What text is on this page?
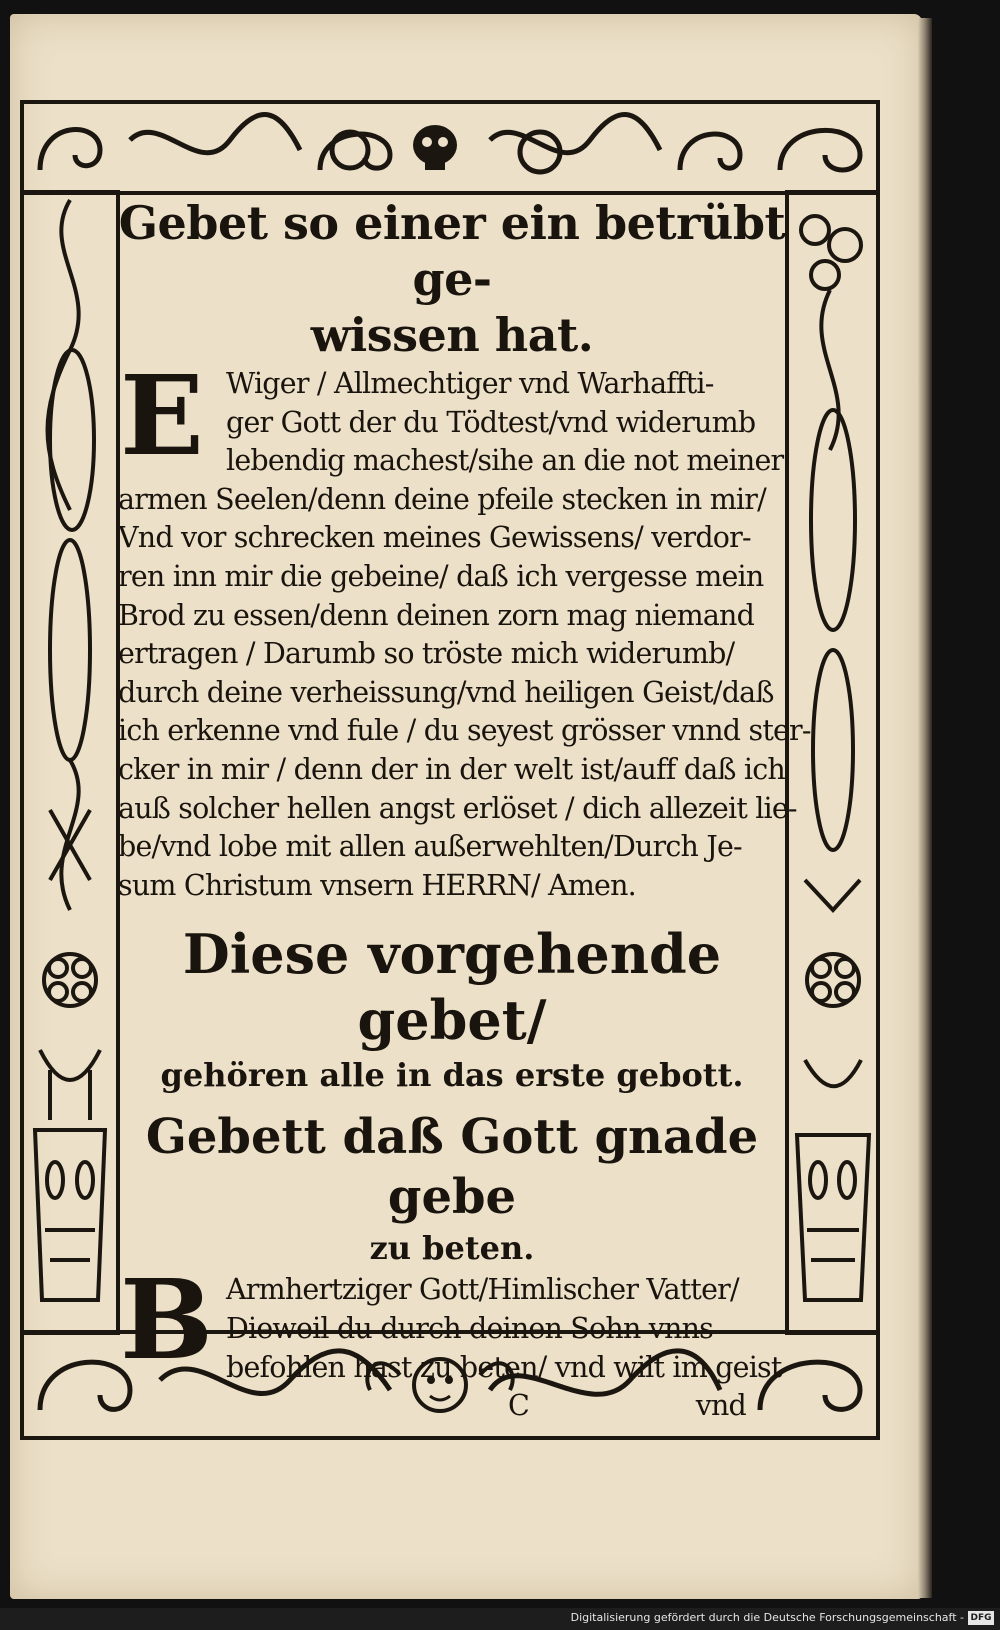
Gebet so einer ein betrübt ge-
wissen hat.
E Wiger / Allmechtiger vnd Warhaffti-
ger Gott der du Tödtest/vnd widerumb
lebendig machest/sihe an die not meiner
armen Seelen/denn deine pfeile stecken in mir/
Vnd vor schrecken meines Gewissens/ verdor-
ren inn mir die gebeine/ daß ich vergesse mein
Brod zu essen/denn deinen zorn mag niemand
ertragen / Darumb so tröste mich widerumb/
durch deine verheissung/vnd heiligen Geist/daß
ich erkenne vnd fule / du seyest grösser vnnd ster-
cker in mir / denn der in der welt ist/auff daß ich
auß solcher hellen angst erlöset / dich allezeit lie-
be/vnd lobe mit allen außerwehlten/Durch Je-
sum Christum vnsern HERRN/ Amen.
Diese vorgehende gebet/
gehören alle in das erste gebott.
Gebett daß Gott gnade gebe
zu beten.
B Armhertziger Gott/Himlischer Vatter/
Dieweil du durch deinen Sohn vnns
befohlen hast zu beten/ vnd wilt im geist
C	vnd
Digitalisierung gefördert durch die Deutsche Forschungsgemeinschaft - DFG
